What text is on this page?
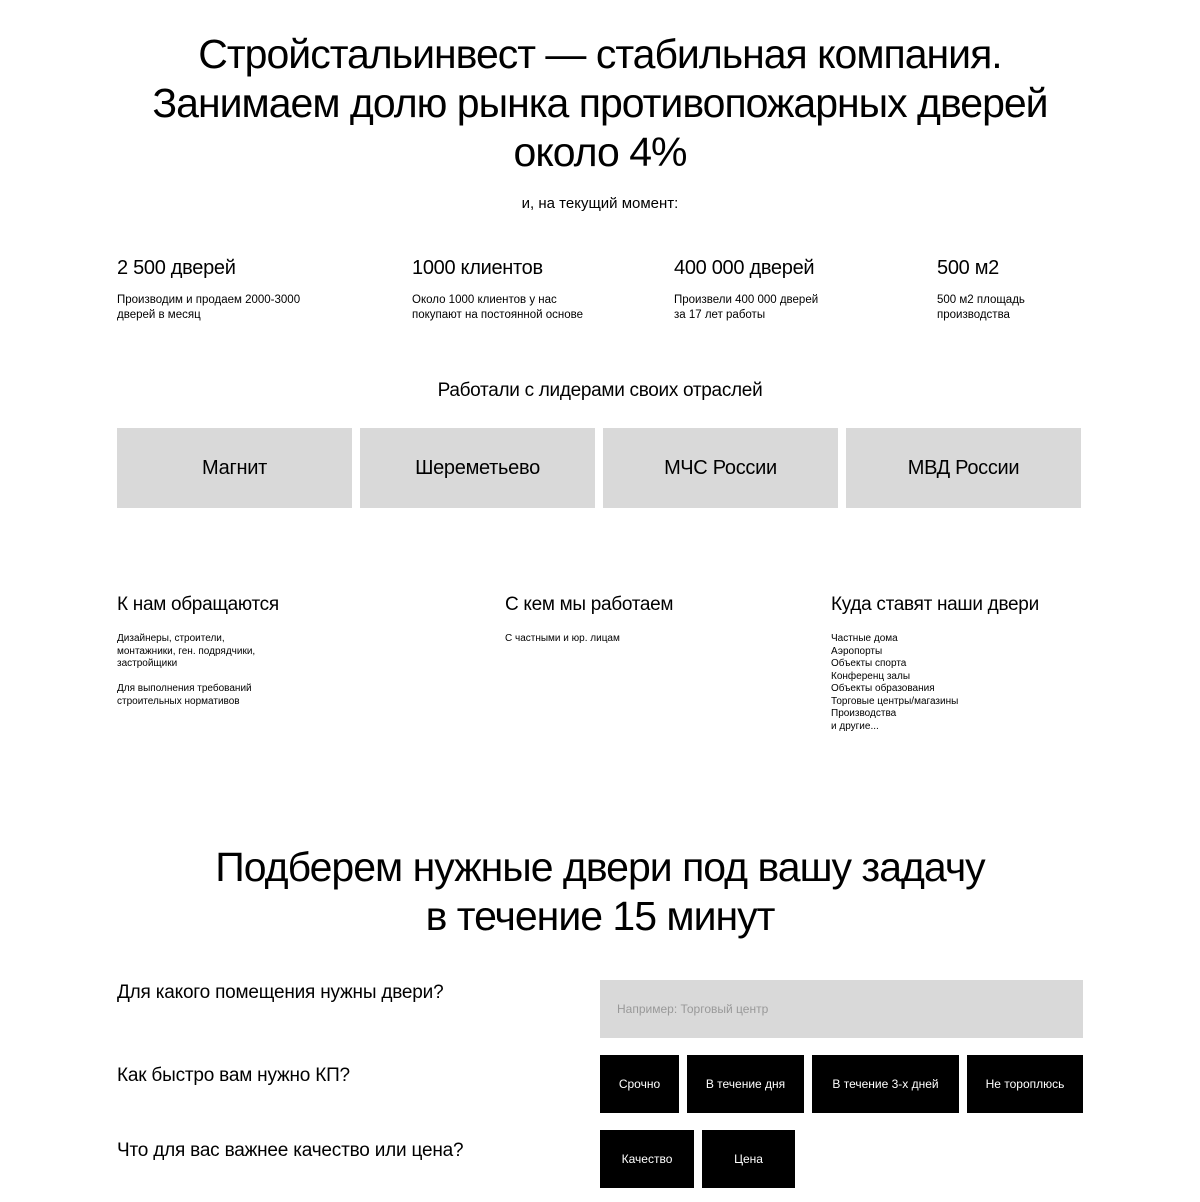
Стройстальинвест — стабильная компания.
Занимаем долю рынка противопожарных дверей
около 4%
и, на текущий момент:
2 500 дверей
Производим и продаем 2000-3000
дверей в месяц
1000 клиентов
Около 1000 клиентов у нас
покупают на постоянной основе
400 000 дверей
Произвели 400 000 дверей
за 17 лет работы
500 м2
500 м2 площадь
производства
Работали с лидерами своих отраслей
Магнит	Шереметьево	МЧС России	МВД России
К нам обращаются
Дизайнеры, строители,
монтажники, ген. подрядчики,
застройщики
Для выполнения требований
строительных нормативов
С кем мы работаем
С частными и юр. лицам
Куда ставят наши двери
Частные дома
Аэропорты
Объекты спорта
Конференц залы
Объекты образования
Торговые центры/магазины
Производства
и другие...
Подберем нужные двери под вашу задачу
в течение 15 минут
Для какого помещения нужны двери?
Например: Торговый центр
Как быстро вам нужно КП?	Срочно	В течение дня	В течение 3-х дней	Не тороплюсь
Что для вас важнее качество или цена?	Качество	Цена
